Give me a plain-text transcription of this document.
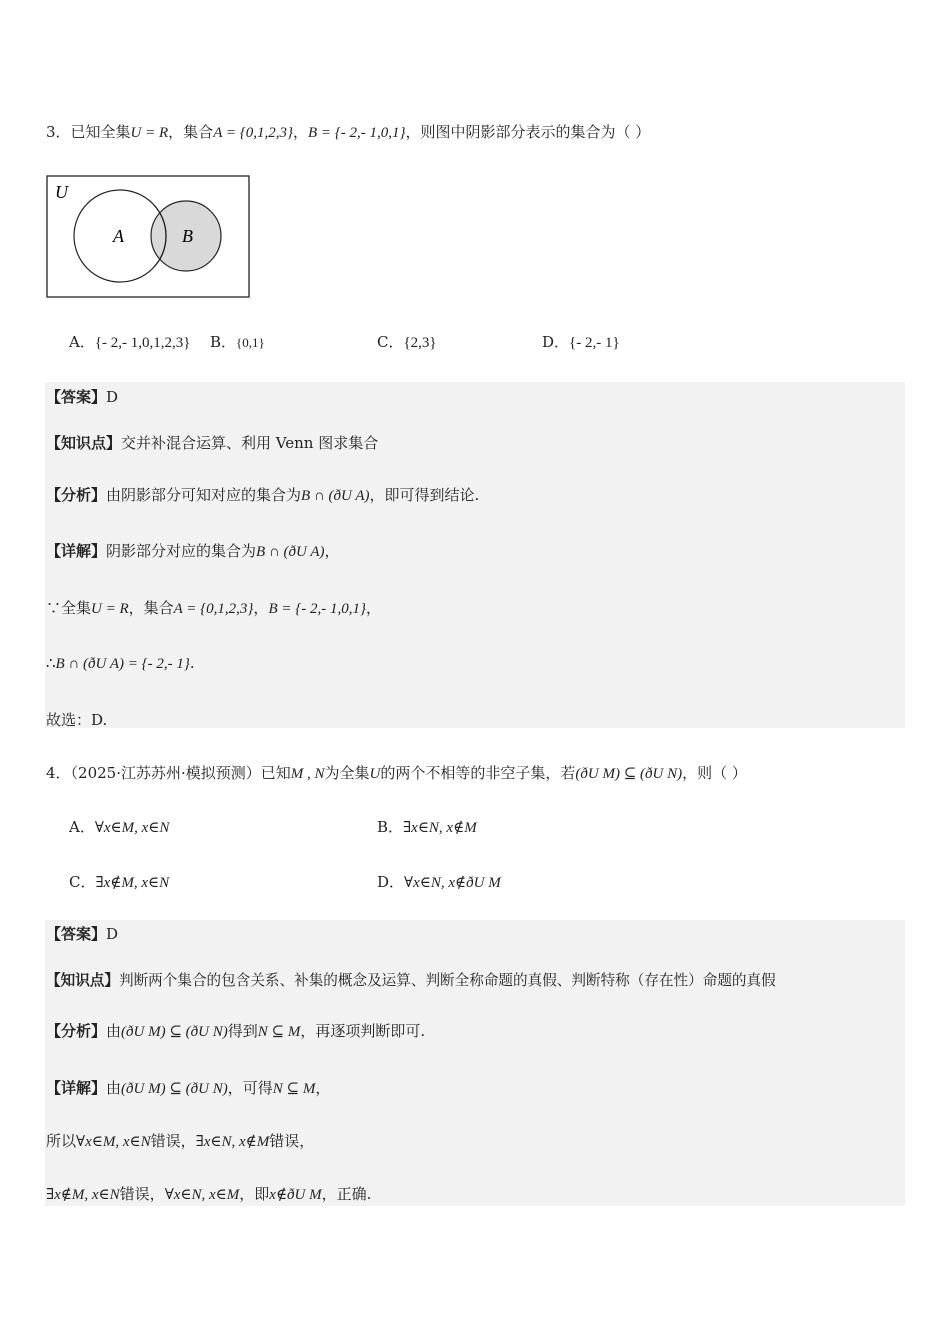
3．已知全集U = R，集合A = {0,1,2,3}，B = {- 2,- 1,0,1}，则图中阴影部分表示的集合为（ ）
U
A	B
A．{- 2,- 1,0,1,2,3} B．{0,1}	C．{2,3}	D．{- 2,- 1}
【答案】D
【知识点】交并补混合运算、利用 Venn 图求集合
【分析】由阴影部分可知对应的集合为B ∩ (ðU A)，即可得到结论.
【详解】阴影部分对应的集合为B ∩ (ðU A)，
∵全集U = R，集合A = {0,1,2,3}，B = {- 2,- 1,0,1}，
∴B ∩ (ðU A) = {- 2,- 1}.
故选：D.
4．（2025·江苏苏州·模拟预测）已知M , N为全集U的两个不相等的非空子集，若(ðU M) ⊆ (ðU N)，则（ ）
A．∀x∈M, x∈N	B．∃x∈N, x∉M
C．∃x∉M, x∈N	D．∀x∈N, x∉ðU M
【答案】D
【知识点】判断两个集合的包含关系、补集的概念及运算、判断全称命题的真假、判断特称（存在性）命题的真假
【分析】由(ðU M) ⊆ (ðU N)得到N ⊆ M，再逐项判断即可.
【详解】由(ðU M) ⊆ (ðU N)，可得N ⊆ M，
所以∀x∈M, x∈N错误，∃x∈N, x∉M错误，
∃x∉M, x∈N错误，∀x∈N, x∈M，即x∉ðU M，正确.
